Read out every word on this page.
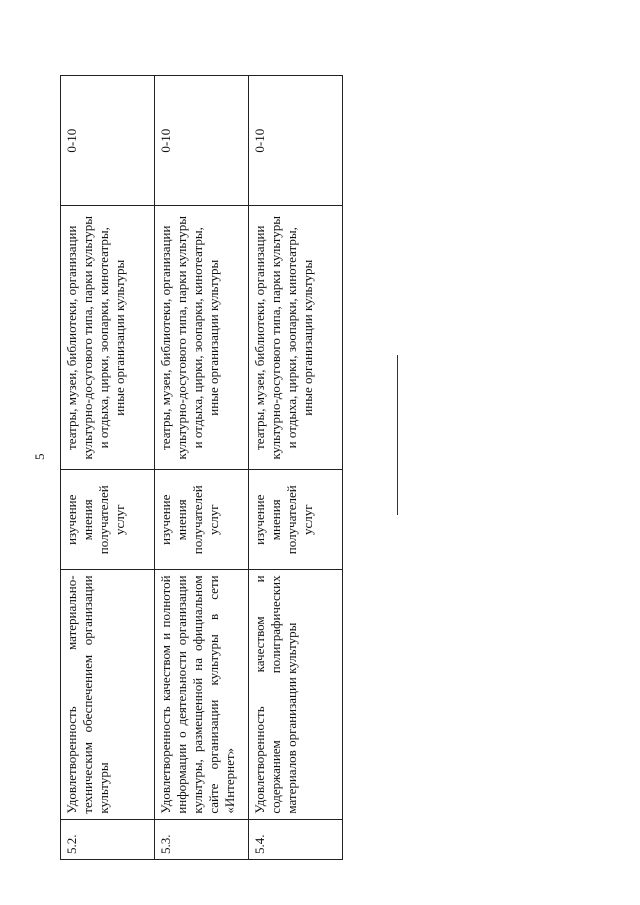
5
5.2.	Удовлетворенность материально-техническим обеспечением организации культуры	изучение мнения получателей услуг	театры, музеи, библиотеки, организации культурно-досугового типа, парки культуры и отдыха, цирки, зоопарки, кинотеатры, иные организации культуры	0-10
5.3.	Удовлетворенность качеством и полнотой информации о деятельности организации культуры, размещенной на официальном сайте организации культуры в сети «Интернет»	изучение мнения получателей услуг	театры, музеи, библиотеки, организации культурно-досугового типа, парки культуры и отдыха, цирки, зоопарки, кинотеатры, иные организации культуры	0-10
5.4.	Удовлетворенность качеством и содержанием полиграфических материалов организации культуры	изучение мнения получателей услуг	театры, музеи, библиотеки, организации культурно-досугового типа, парки культуры и отдыха, цирки, зоопарки, кинотеатры, иные организации культуры	0-10
